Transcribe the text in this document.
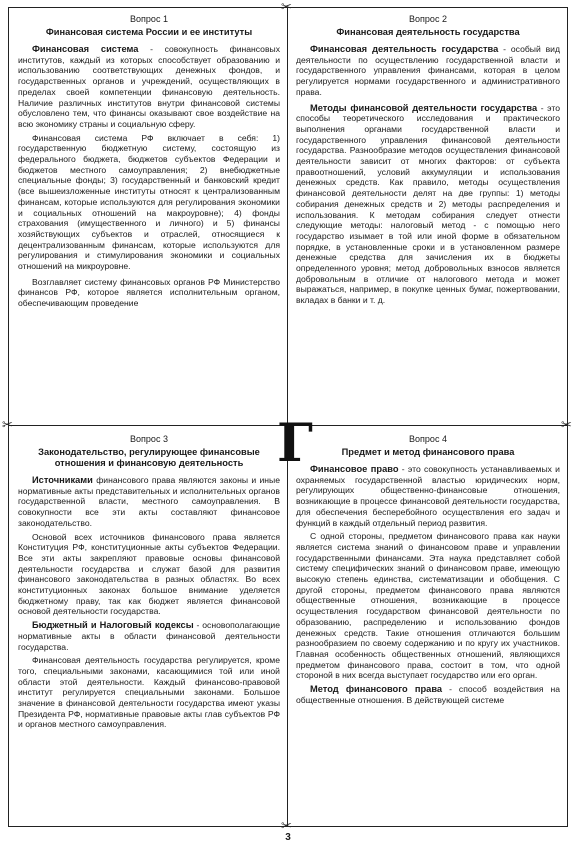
✂
✂	✂
✂
Вопрос 1
Финансовая система России и ее институты

Финансовая система - совокупность финансовых институтов, каждый из которых способствует образованию и использованию соответствующих денежных фондов, и государственных органов и учреждений, осуществляющих в пределах своей компетенции финансовую деятельность. Наличие различных институтов внутри финансовой системы обусловлено тем, что финансы оказывают свое воздействие на всю экономику страны и социальную сферу.

Финансовая система РФ включает в себя: 1) государственную бюджетную систему, состоящую из федерального бюджета, бюджетов субъектов Федерации и бюджетов местного самоуправления; 2) внебюджетные специальные фонды; 3) государственный и банковский кредит (все вышеизложенные институты относят к централизованным финансам, которые используются для регулирования экономики и социальных отношений на макроуровне); 4) фонды страхования (имущественного и личного) и 5) финансы хозяйствующих субъектов и отраслей, относящиеся к децентрализованным финансам, которые используются для регулирования и стимулирования экономики и социальных отношений на микроуровне.

Возглавляет систему финансовых органов РФ Министерство финансов РФ, которое является исполнительным органом, обеспечивающим проведение

Вопрос 2
Финансовая деятельность государства

Финансовая деятельность государства - особый вид деятельности по осуществлению государственной власти и государственного управления финансами, которая в целом регулируется нормами государственного и административного права.

Методы финансовой деятельности государства - это способы теоретического исследования и практического выполнения органами государственной власти и государственного управления финансовой деятельности государства. Разнообразие методов осуществления финансовой деятельности зависит от многих факторов: от субъекта правоотношений, условий аккумуляции и использования денежных средств. Как правило, методы осуществления финансовой деятельности делят на две группы: 1) методы собирания денежных средств и 2) методы распределения и использования. К методам собирания следует отнести следующие методы: налоговый метод - с помощью него государство изымает в той или иной форме в обязательном порядке, в установленные сроки и в установленном размере денежные средства для зачисления их в бюджеты определенного уровня; метод добровольных взносов является добровольным в отличие от налогового метода и может выражаться, например, в покупке ценных бумаг, пожертвовании, вкладах в банки и т. д.

Вопрос 3
Законодательство, регулирующее финансовые отношения и финансовую деятельность

Источниками финансового права являются законы и иные нормативные акты представительных и исполнительных органов государственной власти, местного самоуправления. В совокупности все эти акты составляют финансовое законодательство.

Основой всех источников финансового права является Конституция РФ, конституционные акты субъектов Федерации. Все эти акты закрепляют правовые основы финансовой деятельности государства и служат базой для развития финансового законодательства в разных областях. Во всех конституционных законах большое внимание уделяется бюджетному праву, так как бюджет является финансовой основой деятельности государства.

Бюджетный и Налоговый кодексы - основополагающие нормативные акты в области финансовой деятельности государства.

Финансовая деятельность государства регулируется, кроме того, специальными законами, касающимися той или иной области этой деятельности. Каждый финансово-правовой институт регулируется специальными законами. Большое значение в финансовой деятельности государства имеют указы Президента РФ, нормативные правовые акты глав субъектов РФ и органов местного самоуправления.

Вопрос 4
Предмет и метод финансового права

Финансовое право - это совокупность устанавливаемых и охраняемых государственной властью юридических норм, регулирующих общественно-финансовые отношения, возникающие в процессе финансовой деятельности государства, для обеспечения бесперебойного осуществления его задач и функций в каждый отдельный период развития.

С одной стороны, предметом финансового права как науки является система знаний о финансовом праве и управлении государственными финансами. Эта наука представляет собой систему специфических знаний о финансовом праве, имеющую высокую степень единства, систематизации и обобщения. С другой стороны, предметом финансового права являются общественные отношения, возникающие в процессе осуществления государством финансовой деятельности по образованию, распределению и использованию фондов денежных средств. Такие отношения отличаются большим разнообразием по своему содержанию и по кругу их участников. Главная особенность общественных отношений, являющихся предметом финансового права, состоит в том, что одной стороной в них всегда выступает государство или его орган.

Метод финансового права - способ воздействия на общественные отношения. В действующей системе

Г
3
